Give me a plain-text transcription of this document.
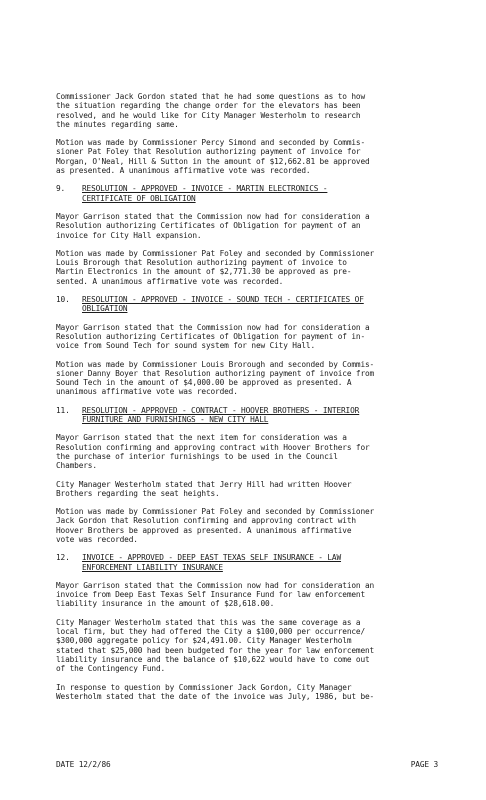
Commissioner Jack Gordon stated that he had some questions as to how
the situation regarding the change order for the elevators has been
resolved, and he would like for City Manager Westerholm to research
the minutes regarding same.
Motion was made by Commissioner Percy Simond and seconded by Commis-
sioner Pat Foley that Resolution authorizing payment of invoice for
Morgan, O'Neal, Hill & Sutton in the amount of $12,662.81 be approved
as presented. A unanimous affirmative vote was recorded.
9.	RESOLUTION - APPROVED - INVOICE - MARTIN ELECTRONICS -
CERTIFICATE OF OBLIGATION
Mayor Garrison stated that the Commission now had for consideration a
Resolution authorizing Certificates of Obligation for payment of an
invoice for City Hall expansion.
Motion was made by Commissioner Pat Foley and seconded by Commissioner
Louis Brorough that Resolution authorizing payment of invoice to
Martin Electronics in the amount of $2,771.30 be approved as pre-
sented. A unanimous affirmative vote was recorded.
10.	RESOLUTION - APPROVED - INVOICE - SOUND TECH - CERTIFICATES OF
OBLIGATION
Mayor Garrison stated that the Commission now had for consideration a
Resolution authorizing Certificates of Obligation for payment of in-
voice from Sound Tech for sound system for new City Hall.
Motion was made by Commissioner Louis Brorough and seconded by Commis-
sioner Danny Boyer that Resolution authorizing payment of invoice from
Sound Tech in the amount of $4,000.00 be approved as presented. A
unanimous affirmative vote was recorded.
11.	RESOLUTION - APPROVED - CONTRACT - HOOVER BROTHERS - INTERIOR
FURNITURE AND FURNISHINGS - NEW CITY HALL
Mayor Garrison stated that the next item for consideration was a
Resolution confirming and approving contract with Hoover Brothers for
the purchase of interior furnishings to be used in the Council
Chambers.
City Manager Westerholm stated that Jerry Hill had written Hoover
Brothers regarding the seat heights.
Motion was made by Commissioner Pat Foley and seconded by Commissioner
Jack Gordon that Resolution confirming and approving contract with
Hoover Brothers be approved as presented. A unanimous affirmative
vote was recorded.
12.	INVOICE - APPROVED - DEEP EAST TEXAS SELF INSURANCE - LAW
ENFORCEMENT LIABILITY INSURANCE
Mayor Garrison stated that the Commission now had for consideration an
invoice from Deep East Texas Self Insurance Fund for law enforcement
liability insurance in the amount of $28,618.00.
City Manager Westerholm stated that this was the same coverage as a
local firm, but they had offered the City a $100,000 per occurrence/
$300,000 aggregate policy for $24,491.00. City Manager Westerholm
stated that $25,000 had been budgeted for the year for law enforcement
liability insurance and the balance of $10,622 would have to come out
of the Contingency Fund.
In response to question by Commissioner Jack Gordon, City Manager
Westerholm stated that the date of the invoice was July, 1986, but be-
DATE 12/2/86	PAGE 3
